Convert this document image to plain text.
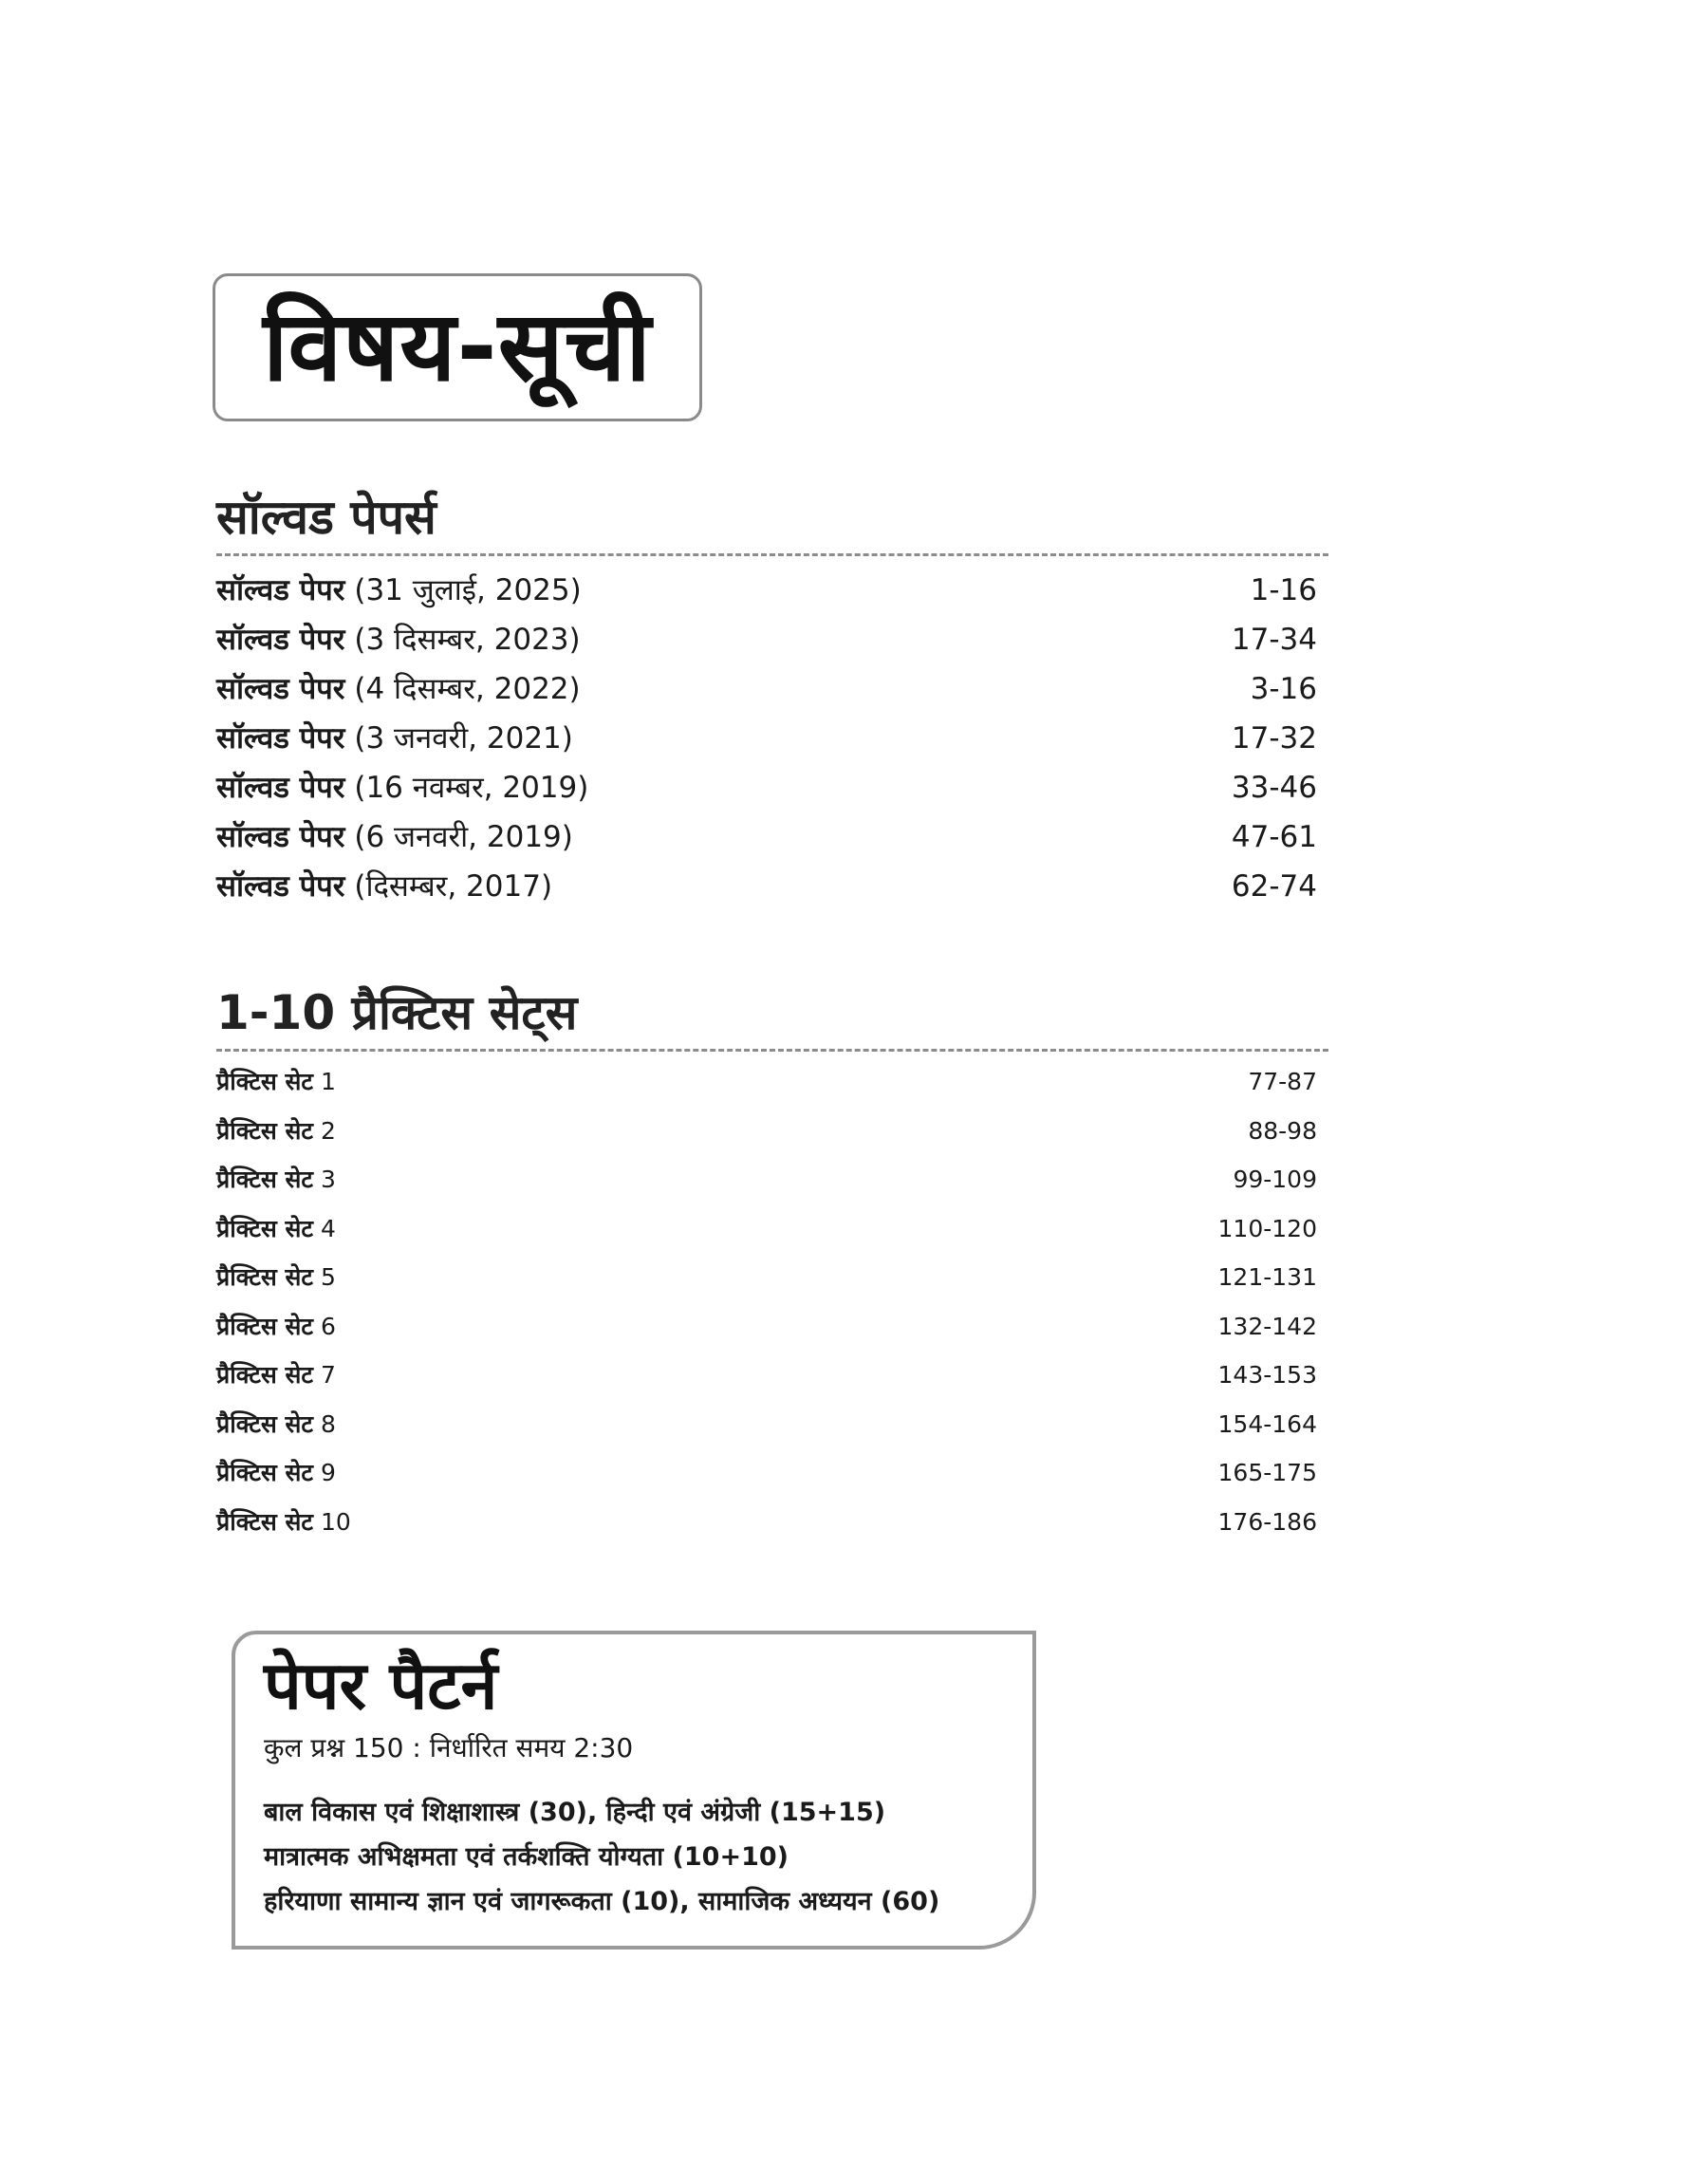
विषय-सूची
सॉल्वड पेपर्स
सॉल्वड पेपर (31 जुलाई, 2025)	1-16
सॉल्वड पेपर (3 दिसम्बर, 2023)	17-34
सॉल्वड पेपर (4 दिसम्बर, 2022)	3-16
सॉल्वड पेपर (3 जनवरी, 2021)	17-32
सॉल्वड पेपर (16 नवम्बर, 2019)	33-46
सॉल्वड पेपर (6 जनवरी, 2019)	47-61
सॉल्वड पेपर (दिसम्बर, 2017)	62-74
1-10 प्रैक्टिस सेट्स
प्रैक्टिस सेट 1	77-87
प्रैक्टिस सेट 2	88-98
प्रैक्टिस सेट 3	99-109
प्रैक्टिस सेट 4	110-120
प्रैक्टिस सेट 5	121-131
प्रैक्टिस सेट 6	132-142
प्रैक्टिस सेट 7	143-153
प्रैक्टिस सेट 8	154-164
प्रैक्टिस सेट 9	165-175
प्रैक्टिस सेट 10	176-186
पेपर पैटर्न
कुल प्रश्न 150 : निर्धारित समय 2:30
बाल विकास एवं शिक्षाशास्त्र (30), हिन्दी एवं अंग्रेजी (15+15)
मात्रात्मक अभिक्षमता एवं तर्कशक्ति योग्यता (10+10)
हरियाणा सामान्य ज्ञान एवं जागरूकता (10), सामाजिक अध्ययन (60)
